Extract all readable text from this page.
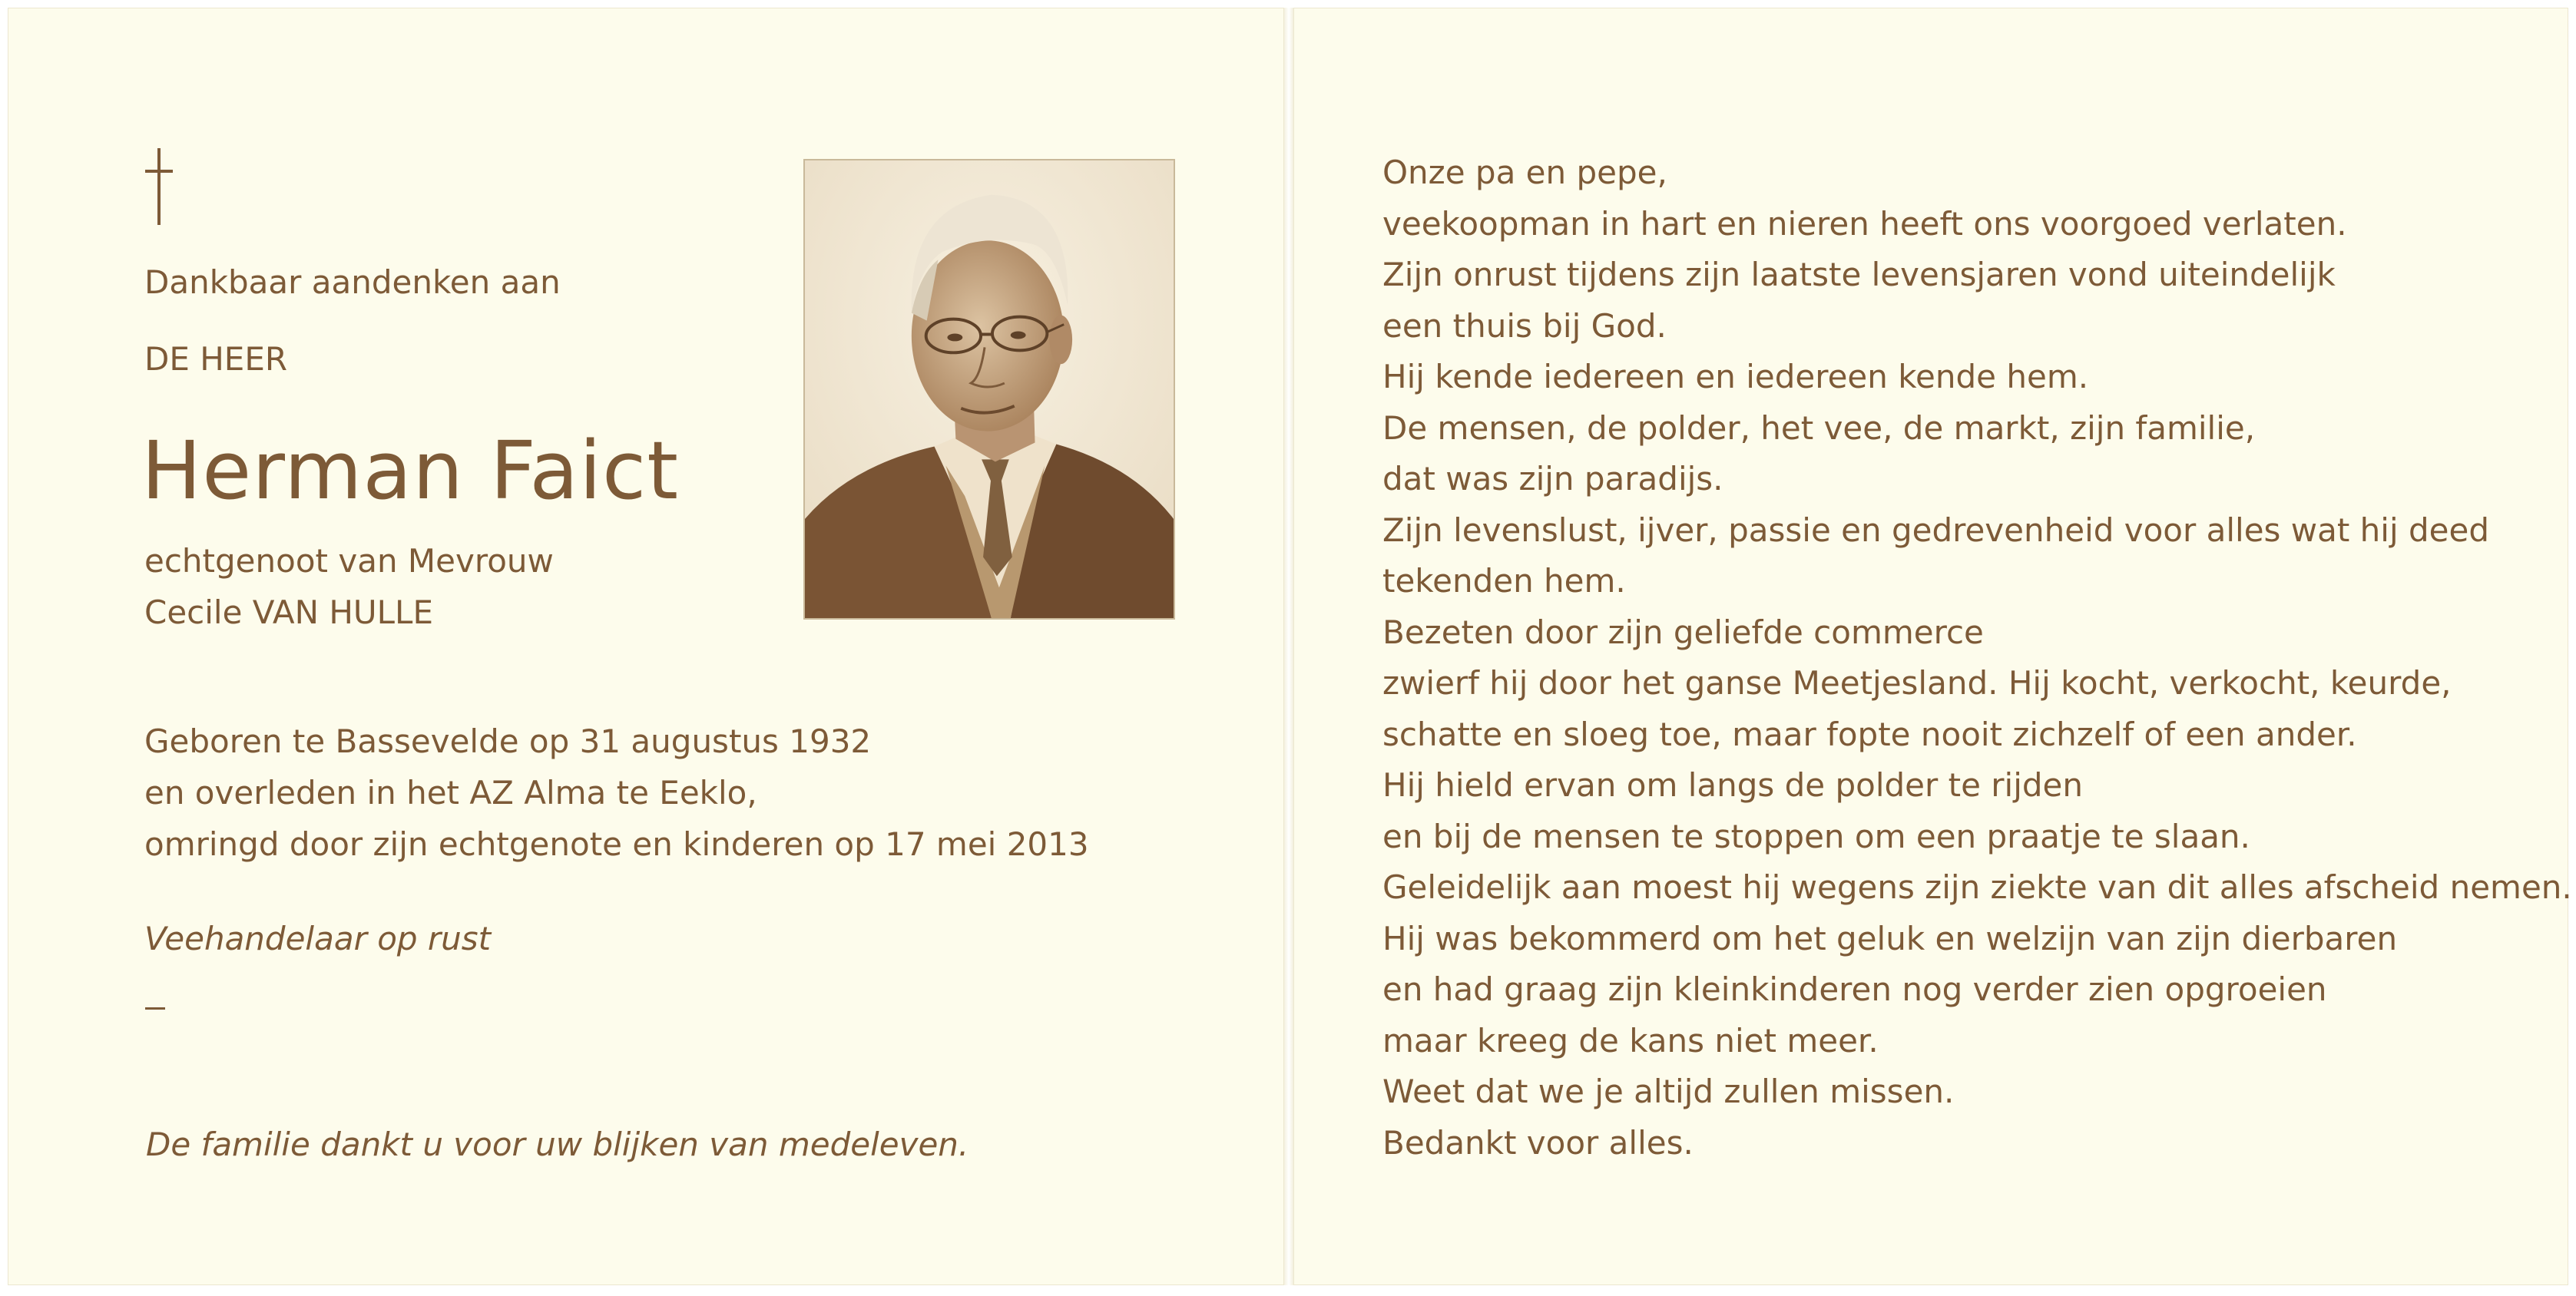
Dankbaar aandenken aan
DE HEER
Herman Faict
echtgenoot van Mevrouw
Cecile VAN HULLE
Geboren te Bassevelde op 31 augustus 1932
en overleden in het AZ Alma te Eeklo,
omringd door zijn echtgenote en kinderen op 17 mei 2013
Veehandelaar op rust
De familie dankt u voor uw blijken van medeleven.
Onze pa en pepe,
veekoopman in hart en nieren heeft ons voorgoed verlaten.
Zijn onrust tijdens zijn laatste levensjaren vond uiteindelijk
een thuis bij God.
Hij kende iedereen en iedereen kende hem.
De mensen, de polder, het vee, de markt, zijn familie,
dat was zijn paradijs.
Zijn levenslust, ijver, passie en gedrevenheid voor alles wat hij deed
tekenden hem.
Bezeten door zijn geliefde commerce
zwierf hij door het ganse Meetjesland. Hij kocht, verkocht, keurde,
schatte en sloeg toe, maar fopte nooit zichzelf of een ander.
Hij hield ervan om langs de polder te rijden
en bij de mensen te stoppen om een praatje te slaan.
Geleidelijk aan moest hij wegens zijn ziekte van dit alles afscheid nemen.
Hij was bekommerd om het geluk en welzijn van zijn dierbaren
en had graag zijn kleinkinderen nog verder zien opgroeien
maar kreeg de kans niet meer.
Weet dat we je altijd zullen missen.
Bedankt voor alles.
